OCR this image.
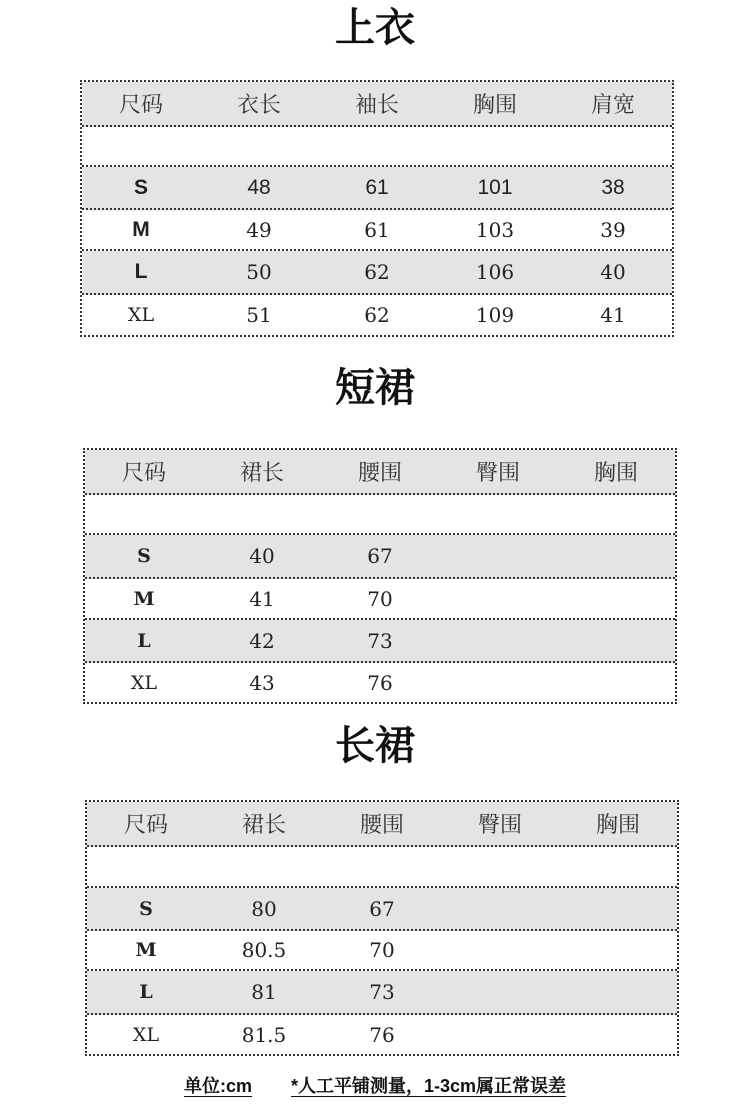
上衣
尺码	衣长	袖长	胸围	肩宽
S	48	61	101	38
M	49	61	103	39
L	50	62	106	40
XL	51	62	109	41
短裙
尺码	裙长	腰围	臀围	胸围
S	40	67
M	41	70
L	42	73
XL	43	76
长裙
尺码	裙长	腰围	臀围	胸围
S	80	67
M	80.5	70
L	81	73
XL	81.5	76
单位:cm *人工平铺测量，1-3cm属正常误差
